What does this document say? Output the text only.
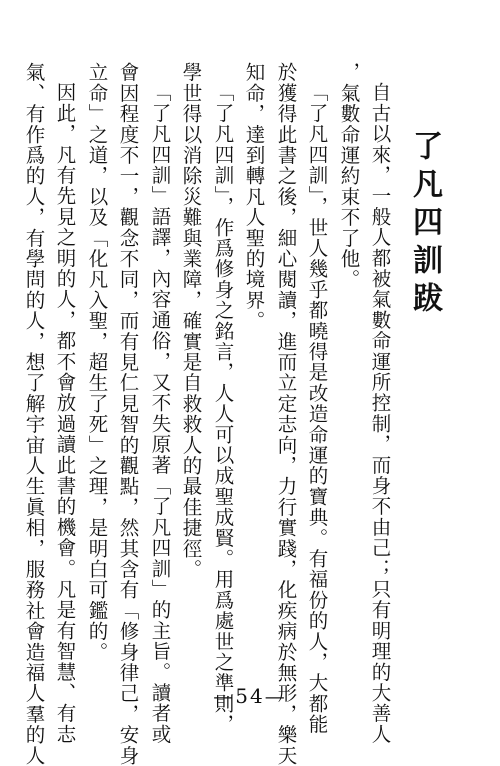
了凡四訓跋
自古以來，一般人都被氣數命運所控制，而身不由己；只有明理的大善人
，氣數命運約束不了他。
「了凡四訓」，世人幾乎都曉得是改造命運的寶典。有福份的人，大都能
於獲得此書之後，細心閱讀，進而立定志向，力行實踐，化疾病於無形，樂天
知命，達到轉凡人聖的境界。
「了凡四訓」，作爲修身之銘言，人人可以成聖成賢。用爲處世之準則，
學世得以消除災難與業障，確實是自救救人的最佳捷徑。
「了凡四訓」語譯，內容通俗，又不失原著「了凡四訓」的主旨。讀者或
會因程度不一，觀念不同，而有見仁見智的觀點，然其含有「修身律己，安身
立命」之道，以及「化凡入聖，超生了死」之理，是明白可鑑的。
因此，凡有先見之明的人，都不會放過讀此書的機會。凡是有智慧、有志
氣、有作爲的人，有學問的人，想了解宇宙人生眞相，服務社會造福人羣的人	—54—
